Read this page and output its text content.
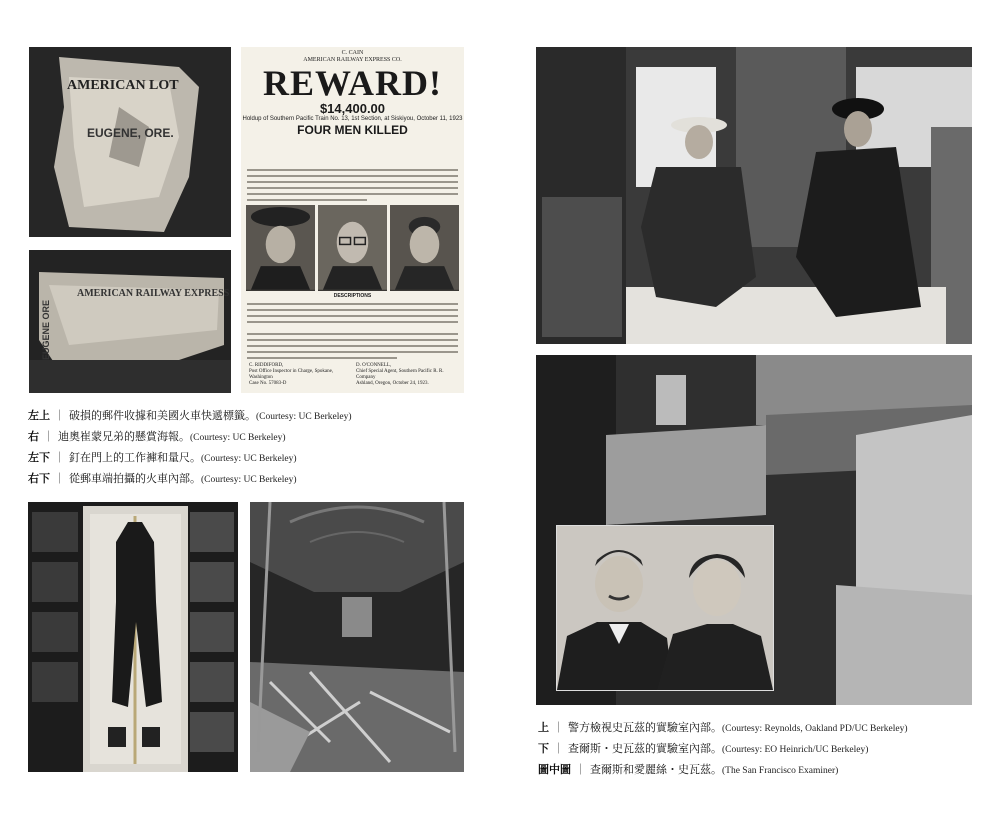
AMERICAN LOT
EUGENE, ORE.
AMERICAN RAILWAY EXPRESS
EUGENE ORE
C. CAIN
AMERICAN RAILWAY EXPRESS CO.
REWARD!
$14,400.00
Holdup of Southern Pacific Train No. 13, 1st Section, at Siskiyou, October 11, 1923
FOUR MEN KILLED
DESCRIPTIONS
C. RIDDIFORD,
Post Office Inspector in Charge, Spokane, Washington
Case No. 57083-D
D. O'CONNELL,
Chief Special Agent, Southern Pacific R. R. Company
Ashland, Oregon, October 24, 1923.
左上 ｜ 破損的郵件收據和美國火車快遞標籤。(Courtesy: UC Berkeley)
右 ｜ 迪奧崔蒙兄弟的懸賞海報。(Courtesy: UC Berkeley)
左下 ｜ 釘在門上的工作褲和量尺。(Courtesy: UC Berkeley)
右下 ｜ 從郵車端拍攝的火車內部。(Courtesy: UC Berkeley)
上 ｜ 警方檢視史瓦茲的實驗室內部。(Courtesy: Reynolds, Oakland PD/UC Berkeley)
下 ｜ 查爾斯・史瓦茲的實驗室內部。(Courtesy: EO Heinrich/UC Berkeley)
圖中圖 ｜ 查爾斯和愛麗絲・史瓦茲。(The San Francisco Examiner)
